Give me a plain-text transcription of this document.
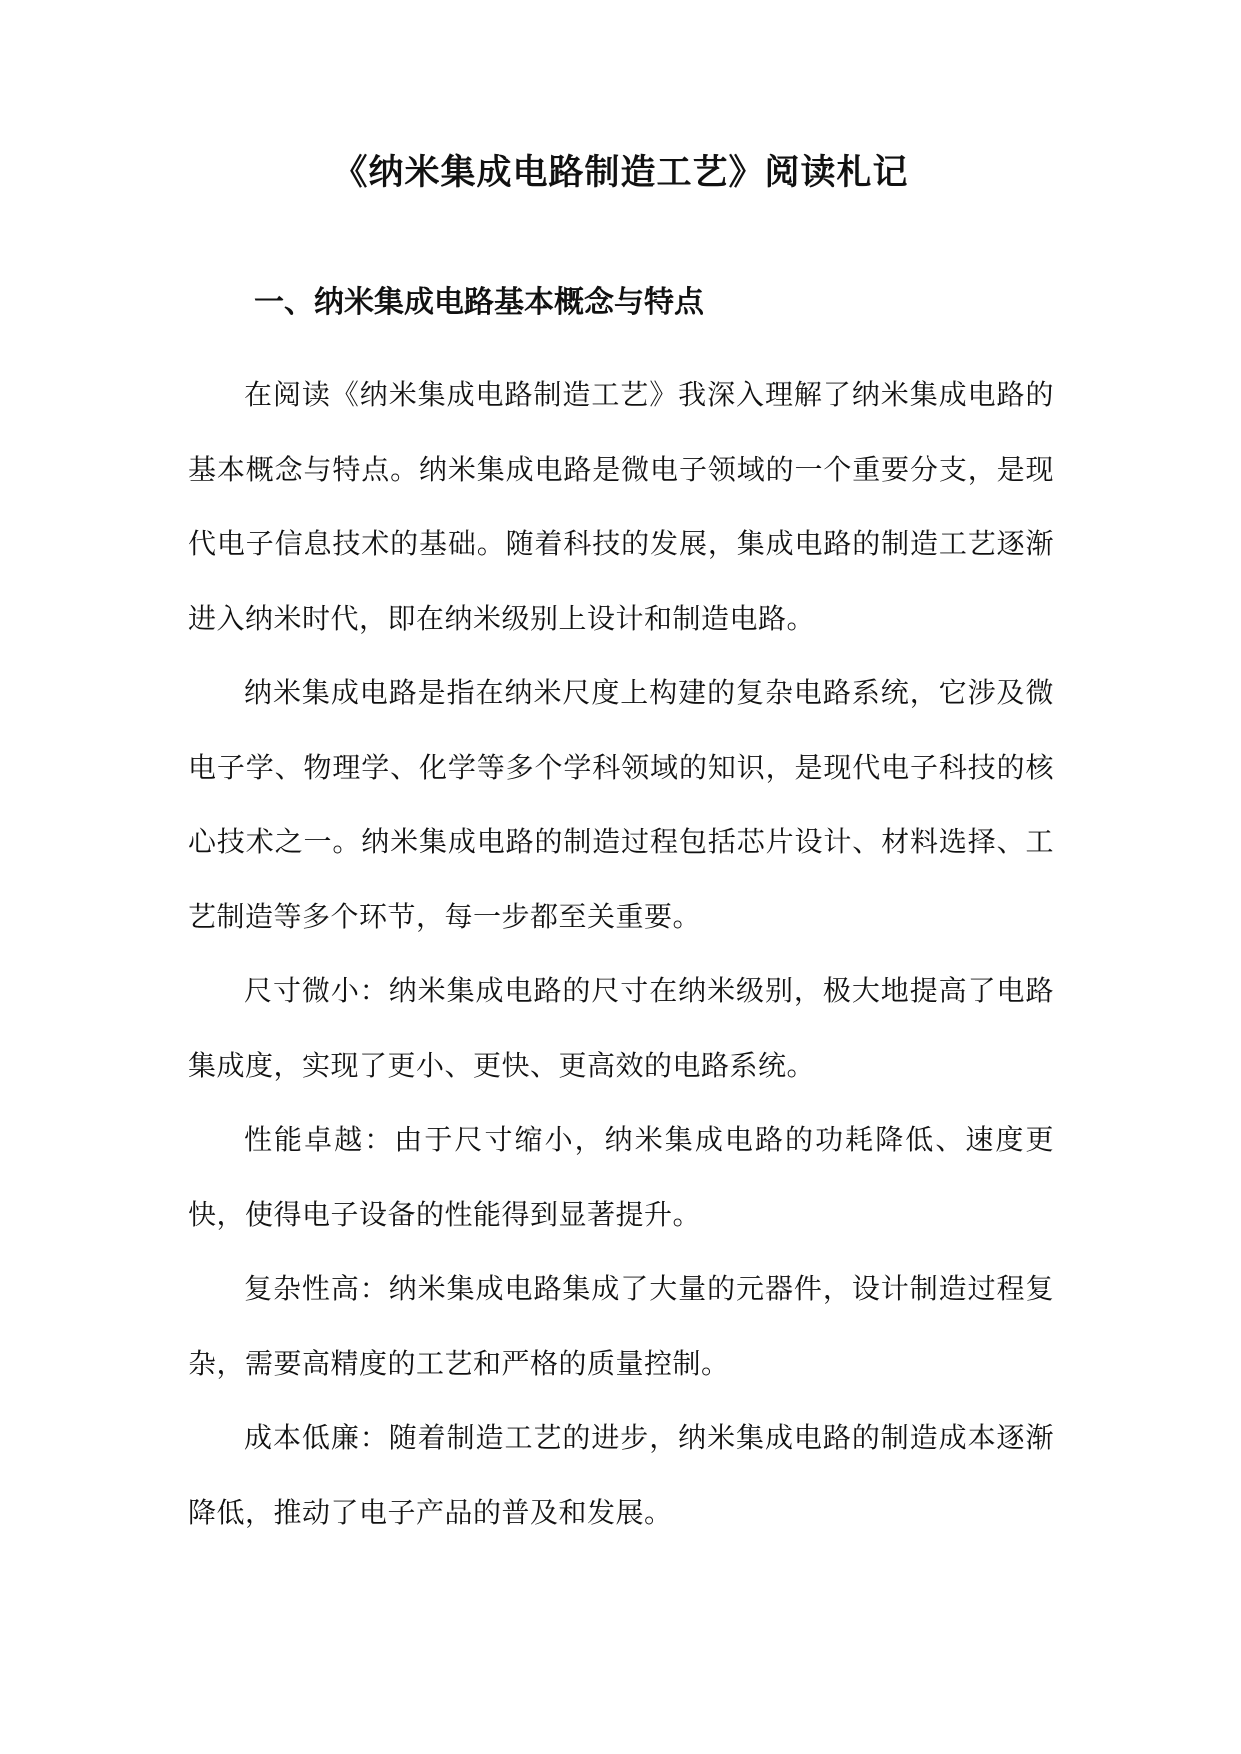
《纳米集成电路制造工艺》阅读札记
一、纳米集成电路基本概念与特点

在阅读《纳米集成电路制造工艺》我深入理解了纳米集成电路的基本概念与特点。纳米集成电路是微电子领域的一个重要分支，是现代电子信息技术的基础。随着科技的发展，集成电路的制造工艺逐渐进入纳米时代，即在纳米级别上设计和制造电路。

纳米集成电路是指在纳米尺度上构建的复杂电路系统，它涉及微电子学、物理学、化学等多个学科领域的知识，是现代电子科技的核心技术之一。纳米集成电路的制造过程包括芯片设计、材料选择、工艺制造等多个环节，每一步都至关重要。

尺寸微小：纳米集成电路的尺寸在纳米级别，极大地提高了电路集成度，实现了更小、更快、更高效的电路系统。

性能卓越：由于尺寸缩小，纳米集成电路的功耗降低、速度更快，使得电子设备的性能得到显著提升。

复杂性高：纳米集成电路集成了大量的元器件，设计制造过程复杂，需要高精度的工艺和严格的质量控制。

成本低廉：随着制造工艺的进步，纳米集成电路的制造成本逐渐降低，推动了电子产品的普及和发展。
